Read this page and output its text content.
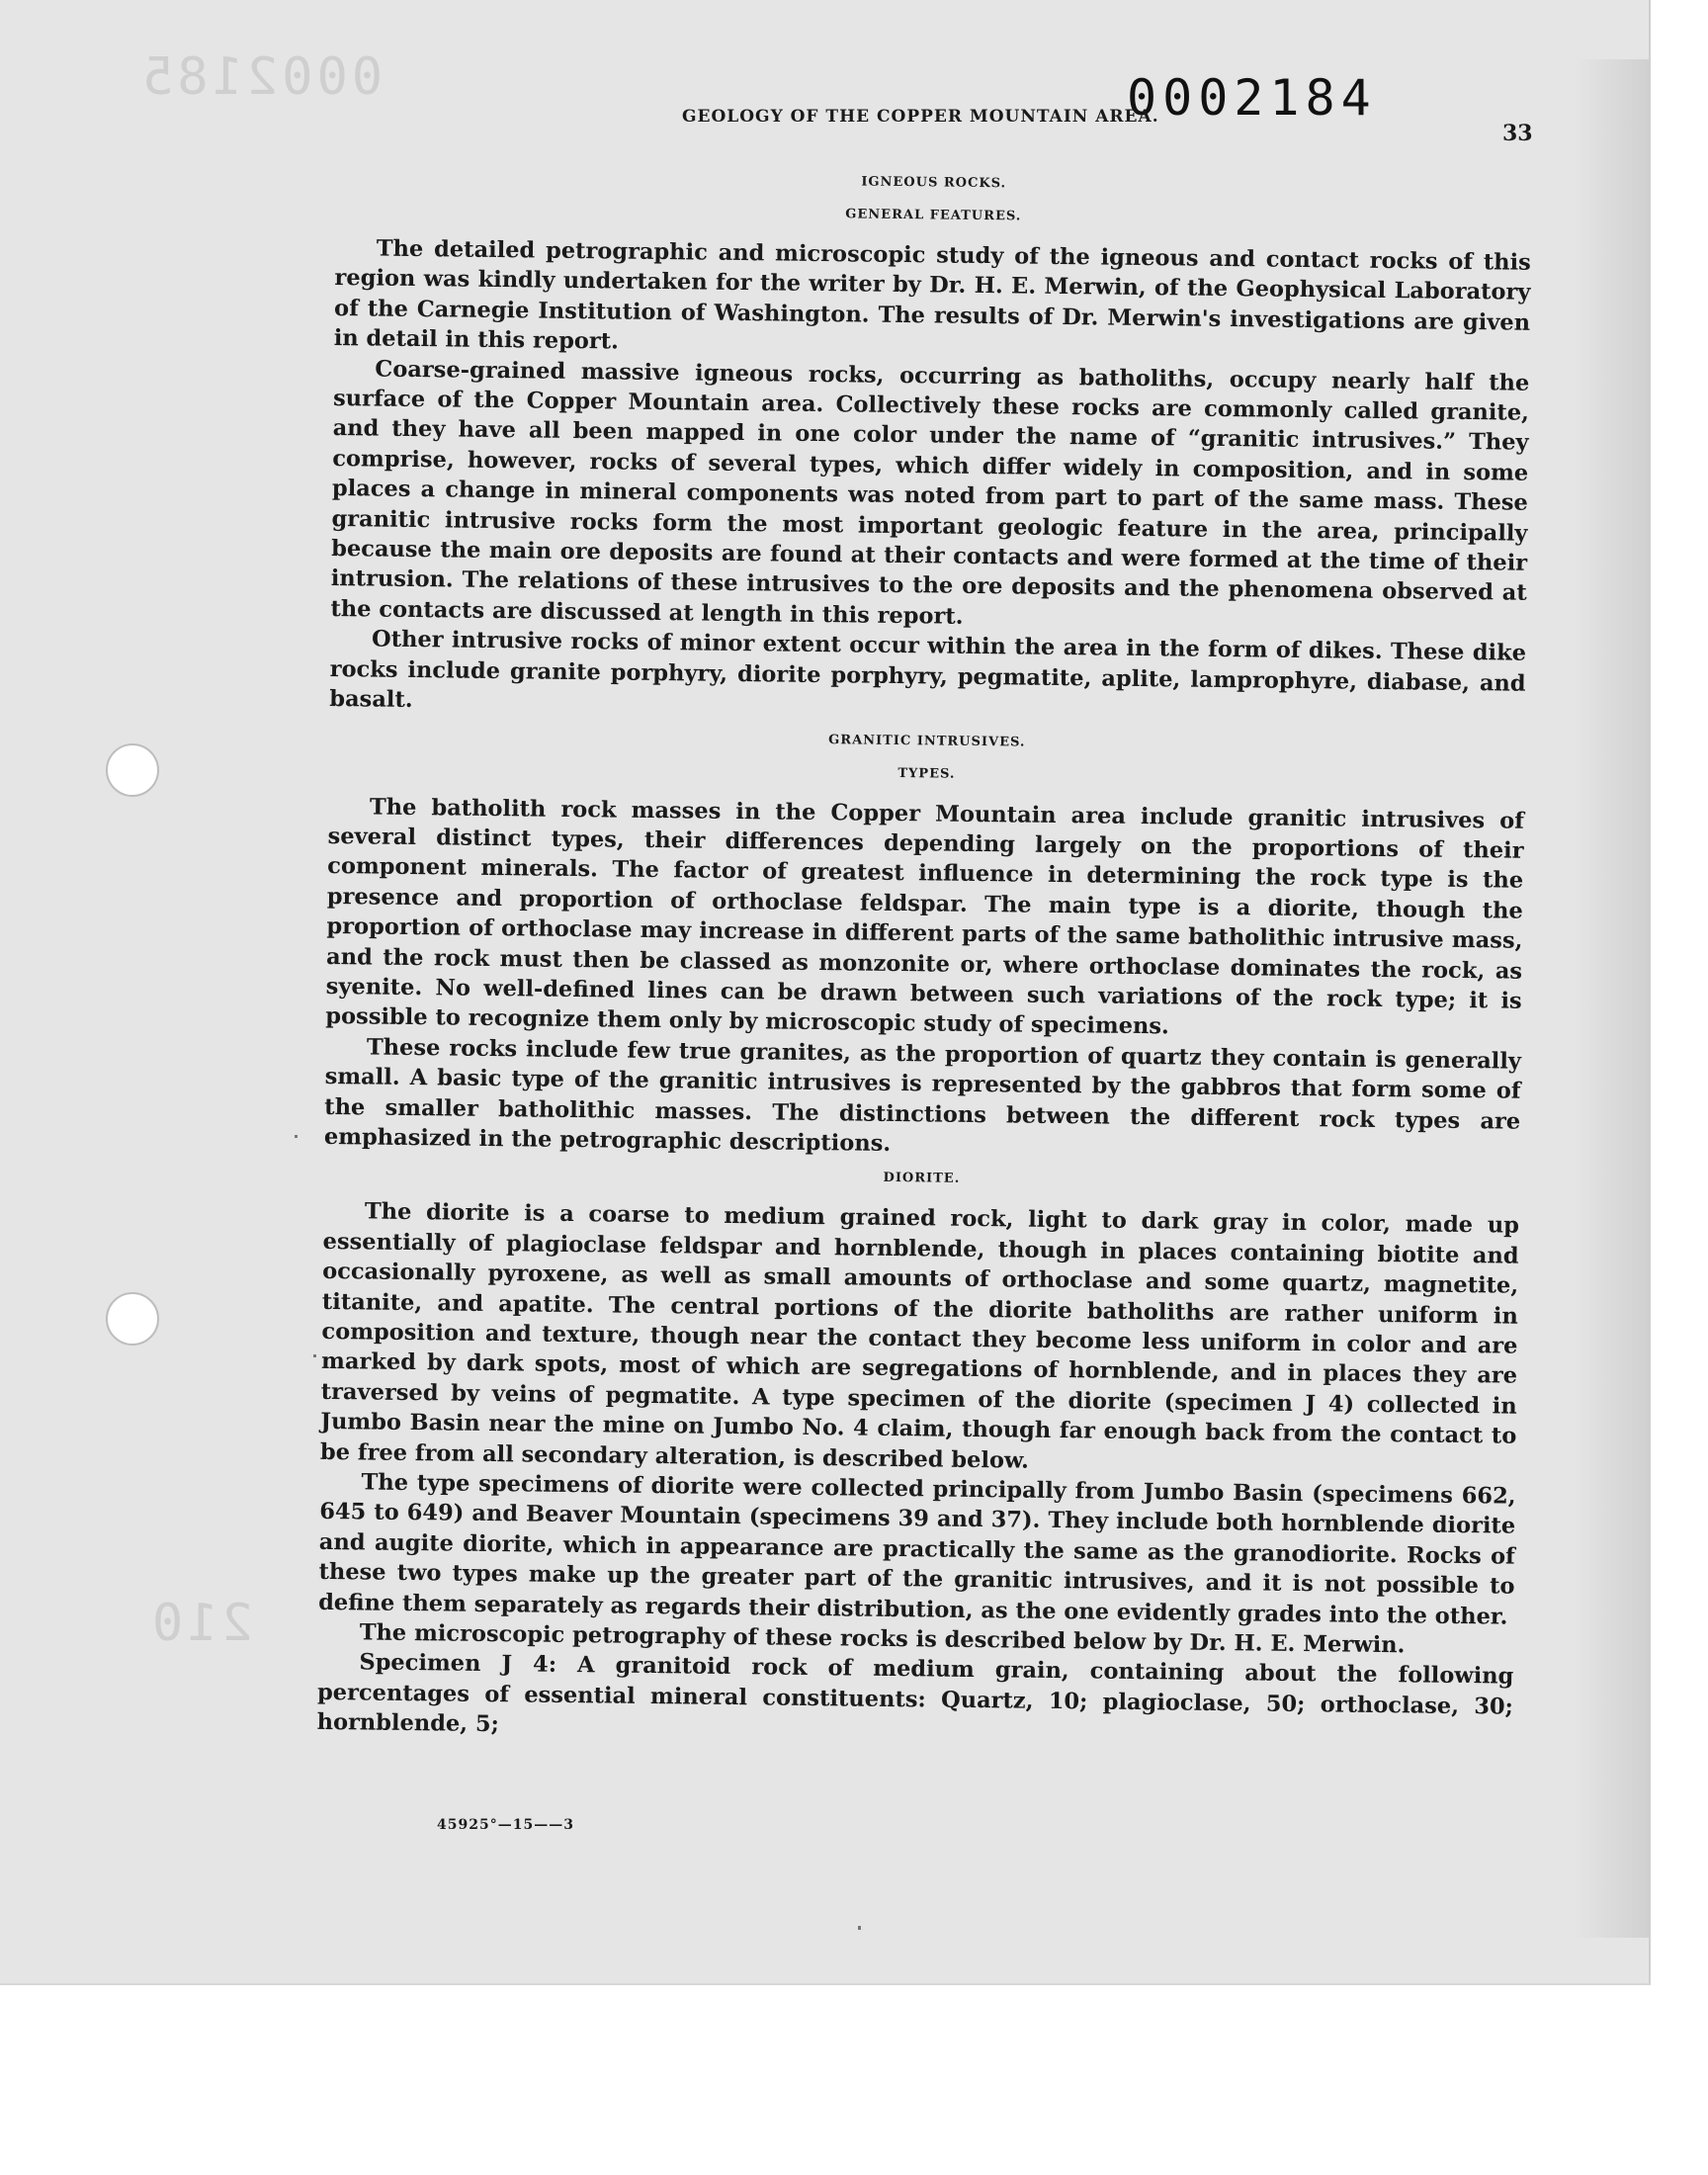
0002185
210
0002184
GEOLOGY OF THE COPPER MOUNTAIN AREA.
33
IGNEOUS ROCKS.
GENERAL FEATURES.

The detailed petrographic and microscopic study of the igneous and contact rocks of this region was kindly undertaken for the writer by Dr. H. E. Merwin, of the Geophysical Laboratory of the Carnegie Institution of Washington. The results of Dr. Merwin's investigations are given in detail in this report.

Coarse-grained massive igneous rocks, occurring as batholiths, occupy nearly half the surface of the Copper Mountain area. Collectively these rocks are commonly called granite, and they have all been mapped in one color under the name of “granitic intrusives.” They comprise, however, rocks of several types, which differ widely in composition, and in some places a change in mineral components was noted from part to part of the same mass. These granitic intrusive rocks form the most important geologic feature in the area, principally because the main ore deposits are found at their contacts and were formed at the time of their intrusion. The relations of these intrusives to the ore deposits and the phenomena observed at the contacts are discussed at length in this report.

Other intrusive rocks of minor extent occur within the area in the form of dikes. These dike rocks include granite porphyry, diorite porphyry, pegmatite, aplite, lamprophyre, diabase, and basalt.

GRANITIC INTRUSIVES.
TYPES.

The batholith rock masses in the Copper Mountain area include granitic intrusives of several distinct types, their differences depending largely on the proportions of their component minerals. The factor of greatest influence in determining the rock type is the presence and proportion of orthoclase feldspar. The main type is a diorite, though the proportion of orthoclase may increase in different parts of the same batholithic intrusive mass, and the rock must then be classed as monzonite or, where orthoclase dominates the rock, as syenite. No well-defined lines can be drawn between such variations of the rock type; it is possible to recognize them only by microscopic study of specimens.

These rocks include few true granites, as the proportion of quartz they contain is generally small. A basic type of the granitic intrusives is represented by the gabbros that form some of the smaller batholithic masses. The distinctions between the different rock types are emphasized in the petrographic descriptions.

DIORITE.

The diorite is a coarse to medium grained rock, light to dark gray in color, made up essentially of plagioclase feldspar and hornblende, though in places containing biotite and occasionally pyroxene, as well as small amounts of orthoclase and some quartz, magnetite, titanite, and apatite. The central portions of the diorite batholiths are rather uniform in composition and texture, though near the contact they become less uniform in color and are marked by dark spots, most of which are segregations of hornblende, and in places they are traversed by veins of pegmatite. A type specimen of the diorite (specimen J 4) collected in Jumbo Basin near the mine on Jumbo No. 4 claim, though far enough back from the contact to be free from all secondary alteration, is described below.

The type specimens of diorite were collected principally from Jumbo Basin (specimens 662, 645 to 649) and Beaver Mountain (specimens 39 and 37). They include both hornblende diorite and augite diorite, which in appearance are practically the same as the granodiorite. Rocks of these two types make up the greater part of the granitic intrusives, and it is not possible to define them separately as regards their distribution, as the one evidently grades into the other.

The microscopic petrography of these rocks is described below by Dr. H. E. Merwin.

Specimen J 4: A granitoid rock of medium grain, containing about the following percentages of essential mineral constituents: Quartz, 10; plagioclase, 50; orthoclase, 30; hornblende, 5;

45925°—15——3
